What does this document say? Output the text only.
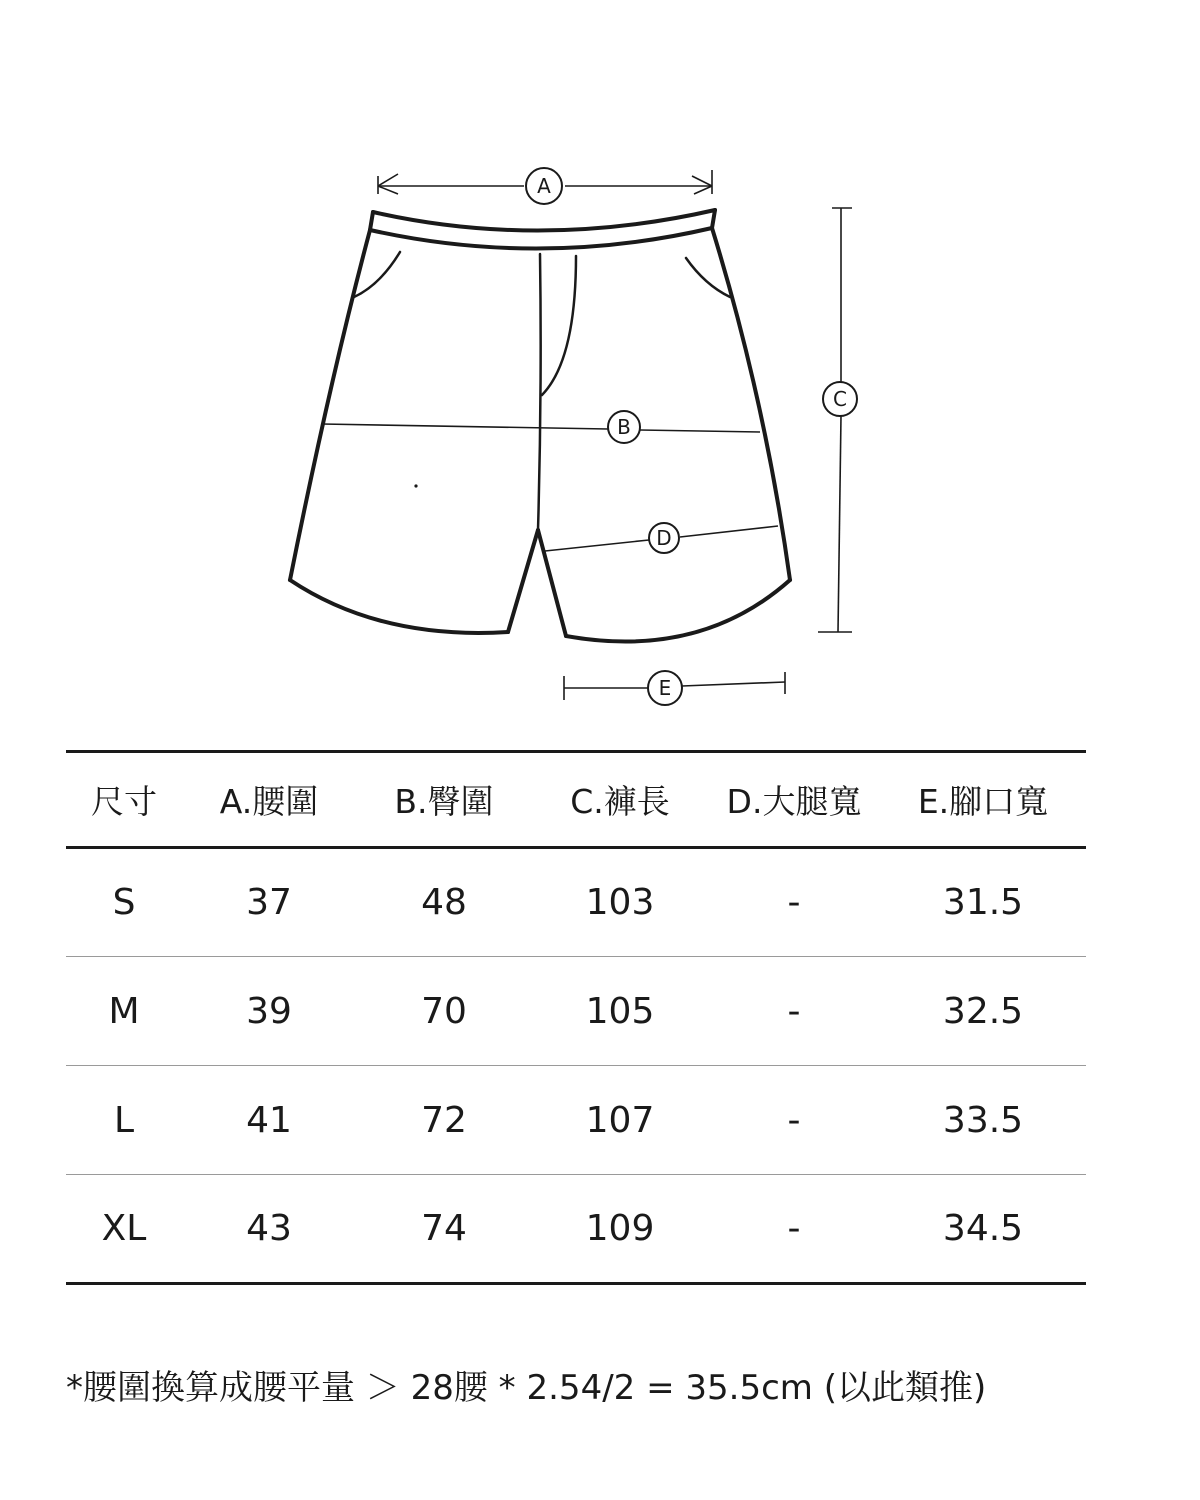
A
B
C
D
E
尺寸	A.腰圍	B.臀圍	C.褲長	D.大腿寬	E.腳口寬
S	37	48	103	-	31.5
M	39	70	105	-	32.5
L	41	72	107	-	33.5
XL	43	74	109	-	34.5
*腰圍換算成腰平量 ＞ 28腰 * 2.54/2 = 35.5cm (以此類推)
